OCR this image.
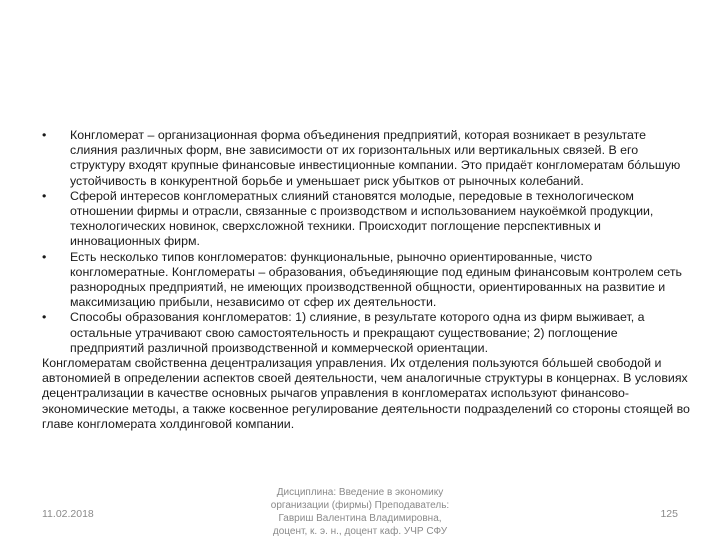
•	Конгломерат – организационная форма объединения предприятий, которая возникает в результате слияния различных форм, вне зависимости от их горизонтальных или вертикальных связей. В его структуру входят крупные финансовые инвестиционные компании. Это придаёт конгломератам бóльшую устойчивость в конкурентной борьбе и уменьшает риск убытков от рыночных колебаний.
•	Сферой интересов конгломератных слияний становятся молодые, передовые в технологическом отношении фирмы и отрасли, связанные с производством и использованием наукоёмкой продукции, технологических новинок, сверхсложной техники. Происходит поглощение перспективных и инновационных фирм.
•	Есть несколько типов конгломератов: функциональные, рыночно ориентированные, чисто конгломератные. Конгломераты – образования, объединяющие под единым финансовым контролем сеть разнородных предприятий, не имеющих производственной общности, ориентированных на развитие и максимизацию прибыли, независимо от сфер их деятельности.
•	Способы образования конгломератов: 1) слияние, в результате которого одна из фирм выживает, а остальные утрачивают свою самостоятельность и прекращают существование; 2) поглощение предприятий различной производственной и коммерческой ориентации.
Конгломератам свойственна децентрализация управления. Их отделения пользуются бóльшей свободой и автономией в определении аспектов своей деятельности, чем аналогичные структуры в концернах. В условиях децентрализации в качестве основных рычагов управления в конгломератах используют финансово-экономические методы, а также косвенное регулирование деятельности подразделений со стороны стоящей во главе конгломерата холдинговой компании.
11.02.2018
Дисциплина: Введение в экономику
организации (фирмы) Преподаватель:
Гавриш Валентина Владимировна,
доцент, к. э. н., доцент каф. УЧР СФУ
125
